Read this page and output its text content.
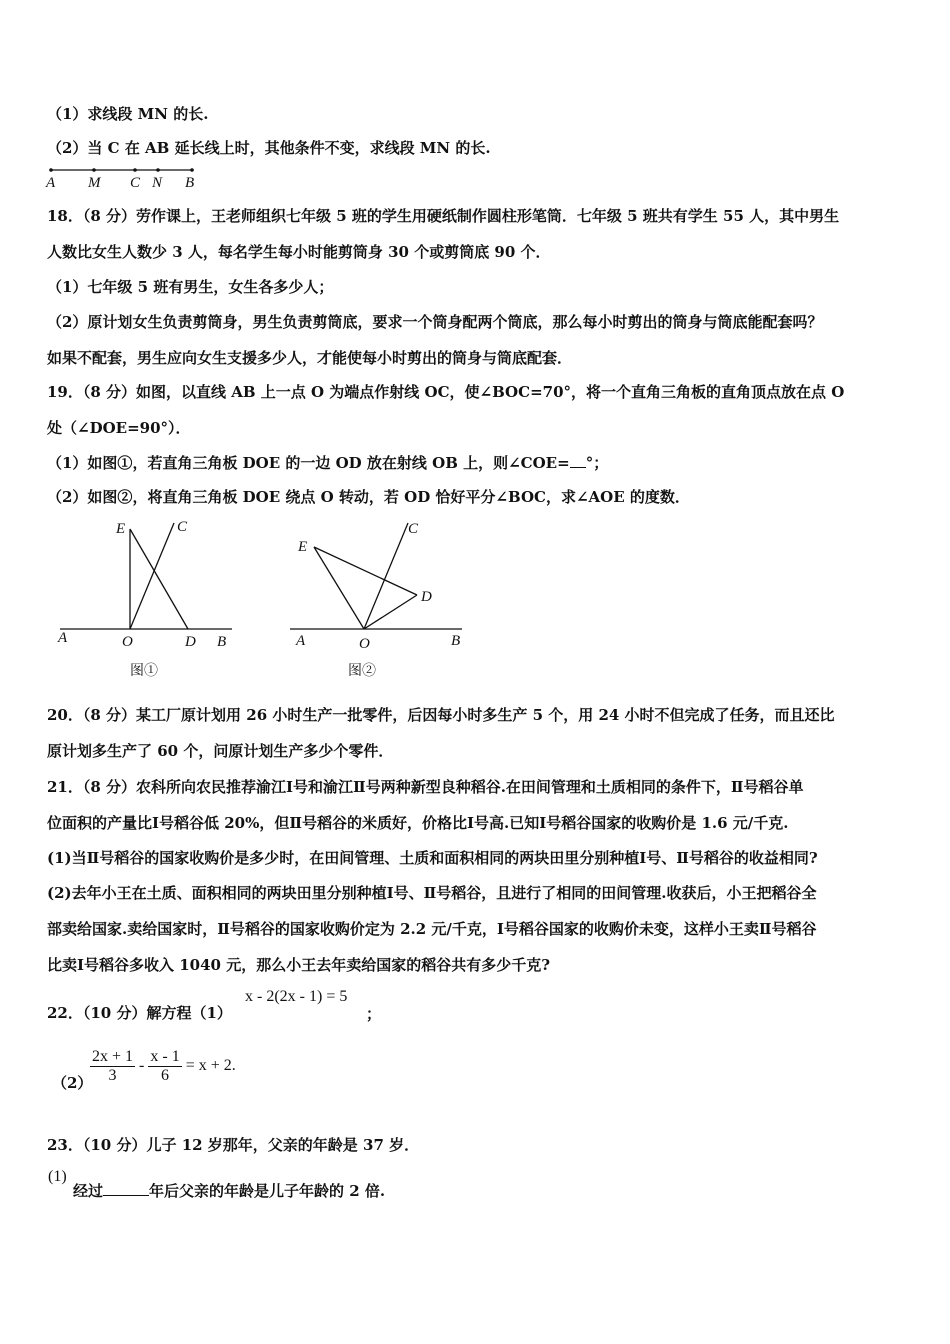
（1）求线段 MN 的长.
（2）当 C 在 AB 延长线上时，其他条件不变，求线段 MN 的长.
A M C N B
18．（8 分）劳作课上，王老师组织七年级 5 班的学生用硬纸制作圆柱形笔筒．七年级 5 班共有学生 55 人，其中男生
人数比女生人数少 3 人，每名学生每小时能剪筒身 30 个或剪筒底 90 个．
（1）七年级 5 班有男生，女生各多少人；
（2）原计划女生负责剪筒身，男生负责剪筒底，要求一个筒身配两个筒底，那么每小时剪出的筒身与筒底能配套吗？
如果不配套，男生应向女生支援多少人，才能使每小时剪出的筒身与筒底配套．
19．（8 分）如图，以直线 AB 上一点 O 为端点作射线 OC，使∠BOC=70°，将一个直角三角板的直角顶点放在点 O
处（∠DOE=90°）．
（1）如图①，若直角三角板 DOE 的一边 OD 放在射线 OB 上，则∠COE= °；
（2）如图②，将直角三角板 DOE 绕点 O 转动，若 OD 恰好平分∠BOC，求∠AOE 的度数．
E	C
A	O	D B
图①
E
C
D
A	O	B
图②
20．（8 分）某工厂原计划用 26 小时生产一批零件，后因每小时多生产 5 个，用 24 小时不但完成了任务，而且还比
原计划多生产了 60 个，问原计划生产多少个零件．
21．（8 分）农科所向农民推荐渝江Ⅰ号和渝江Ⅱ号两种新型良种稻谷.在田间管理和土质相同的条件下，Ⅱ号稻谷单
位面积的产量比Ⅰ号稻谷低 20%，但Ⅱ号稻谷的米质好，价格比Ⅰ号高.已知Ⅰ号稻谷国家的收购价是 1.6 元/千克.
(1)当Ⅱ号稻谷的国家收购价是多少时，在田间管理、土质和面积相同的两块田里分别种植Ⅰ号、Ⅱ号稻谷的收益相同?
(2)去年小王在土质、面积相同的两块田里分别种植Ⅰ号、Ⅱ号稻谷，且进行了相同的田间管理.收获后，小王把稻谷全
部卖给国家.卖给国家时，Ⅱ号稻谷的国家收购价定为 2.2 元/千克，Ⅰ号稻谷国家的收购价未变，这样小王卖Ⅱ号稻谷
比卖Ⅰ号稻谷多收入 1040 元，那么小王去年卖给国家的稻谷共有多少千克?
22．（10 分）解方程（1）
x - 2(2x - 1) = 5
；
（2）
$\frac{2x + 1}{3} - \frac{x - 1}{6} = x + 2$.
23．（10 分）儿子 12 岁那年，父亲的年龄是 37 岁．
(1)
经过	年后父亲的年龄是儿子年龄的 2 倍.
